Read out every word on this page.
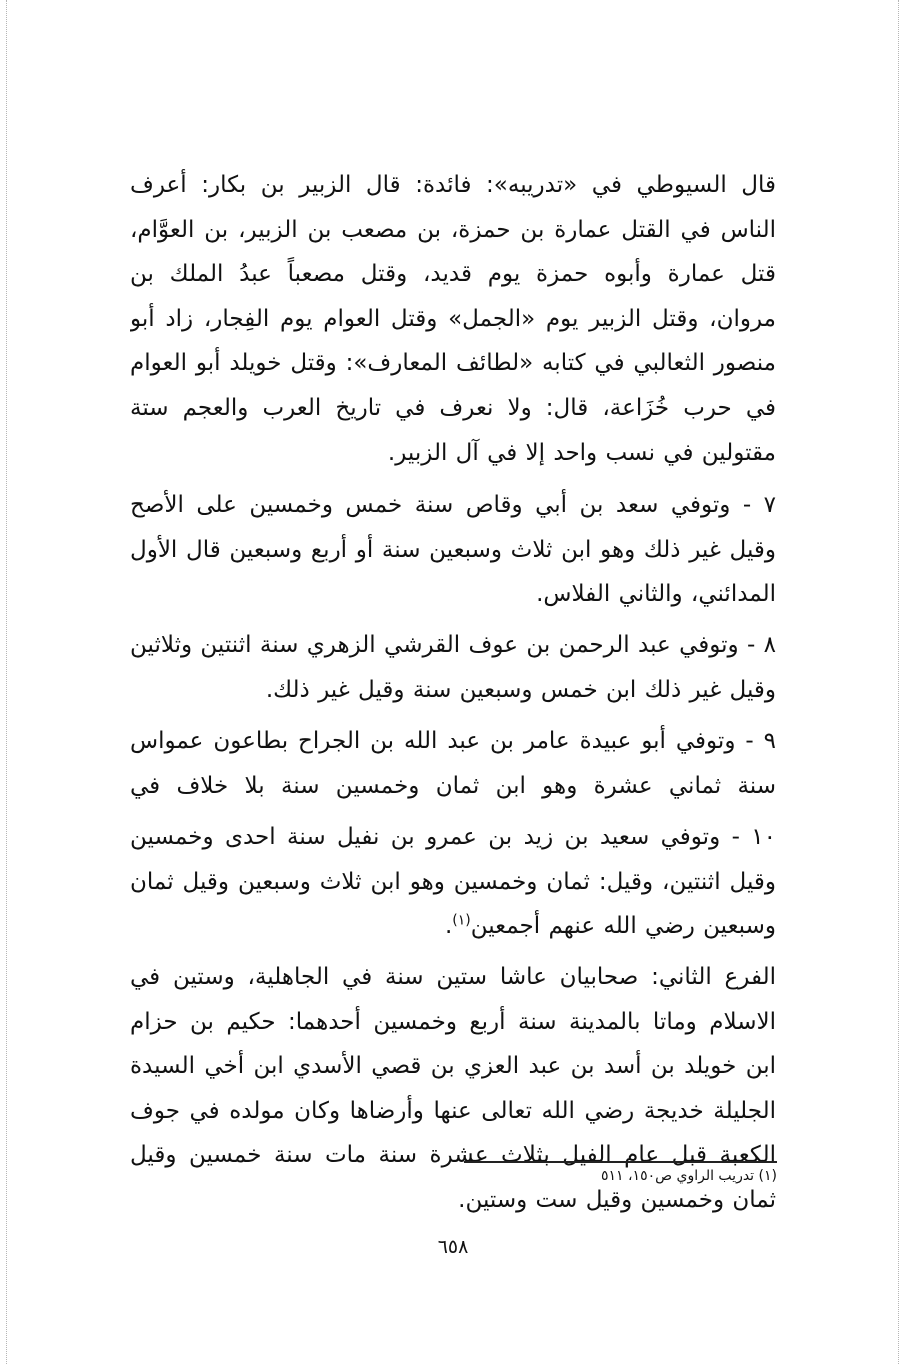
قال السيوطي في «تدريبه»: فائدة: قال الزبير بن بكار: أعرف الناس في القتل عمارة بن حمزة، بن مصعب بن الزبير، بن العوَّام، قتل عمارة وأبوه حمزة يوم قديد، وقتل مصعباً عبدُ الملك بن مروان، وقتل الزبير يوم «الجمل» وقتل العوام يوم الفِجار، زاد أبو منصور الثعالبي في كتابه «لطائف المعارف»: وقتل خويلد أبو العوام في حرب خُزَاعة، قال: ولا نعرف في تاريخ العرب والعجم ستة مقتولين في نسب واحد إلا في آل الزبير.

٧ - وتوفي سعد بن أبي وقاص سنة خمس وخمسين على الأصح وقيل غير ذلك وهو ابن ثلاث وسبعين سنة أو أربع وسبعين قال الأول المدائني، والثاني الفلاس.

٨ - وتوفي عبد الرحمن بن عوف القرشي الزهري سنة اثنتين وثلاثين وقيل غير ذلك ابن خمس وسبعين سنة وقيل غير ذلك.

٩ - وتوفي أبو عبيدة عامر بن عبد الله بن الجراح بطاعون عمواس سنة ثماني عشرة وهو ابن ثمان وخمسين سنة بلا خلاف في

١٠ - وتوفي سعيد بن زيد بن عمرو بن نفيل سنة احدى وخمسين وقيل اثنتين، وقيل: ثمان وخمسين وهو ابن ثلاث وسبعين وقيل ثمان وسبعين رضي الله عنهم أجمعين$^{(١)}$.

الفرع الثاني: صحابيان عاشا ستين سنة في الجاهلية، وستين في الاسلام وماتا بالمدينة سنة أربع وخمسين أحدهما: حكيم بن حزام ابن خويلد بن أسد بن عبد العزي بن قصي الأسدي ابن أخي السيدة الجليلة خديجة رضي الله تعالى عنها وأرضاها وكان مولده في جوف الكعبة قبل عام الفيل بثلاث عشرة سنة مات سنة خمسين وقيل ثمان وخمسين وقيل ست وستين.

(١) تدريب الراوي ص١٥٠، ٥١١
٦٥٨
